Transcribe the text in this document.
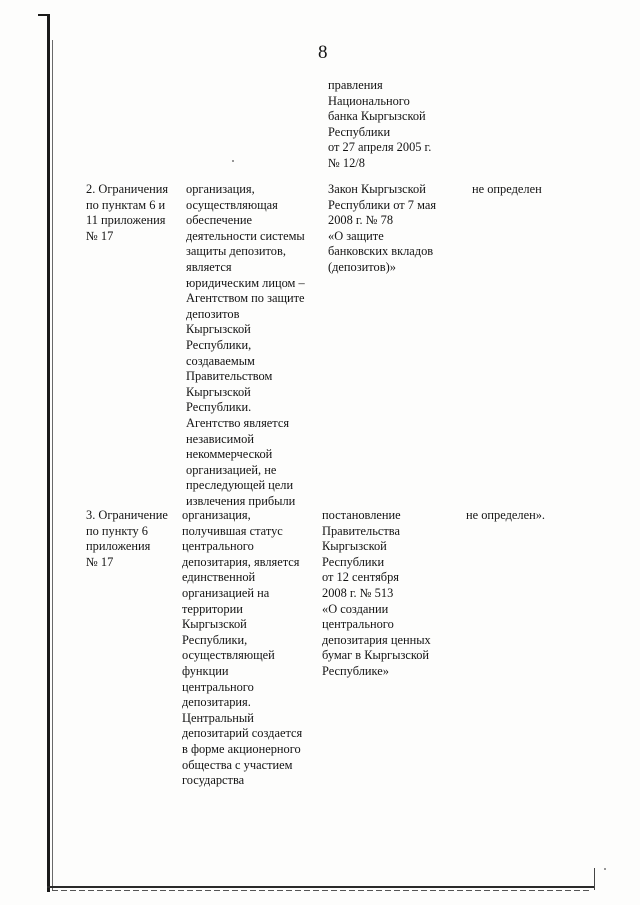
8
правления
Национального
банка Кыргызской
Республики
от 27 апреля 2005 г.
№ 12/8
2. Ограничения
по пунктам 6 и
11 приложения
№ 17
организация,
осуществляющая
обеспечение
деятельности системы
защиты депозитов,
является
юридическим лицом –
Агентством по защите
депозитов
Кыргызской
Республики,
создаваемым
Правительством
Кыргызской
Республики.
Агентство является
независимой
некоммерческой
организацией, не
преследующей цели
извлечения прибыли
Закон Кыргызской
Республики от 7 мая
2008 г. № 78
«О защите
банковских вкладов
(депозитов)»
не определен
3. Ограничение
по пункту 6
приложения
№ 17
организация,
получившая статус
центрального
депозитария, является
единственной
организацией на
территории
Кыргызской
Республики,
осуществляющей
функции
центрального
депозитария.
Центральный
депозитарий создается
в форме акционерного
общества с участием
государства
постановление
Правительства
Кыргызской
Республики
от 12 сентября
2008 г. № 513
«О создании
центрального
депозитария ценных
бумаг в Кыргызской
Республике»
не определен».
